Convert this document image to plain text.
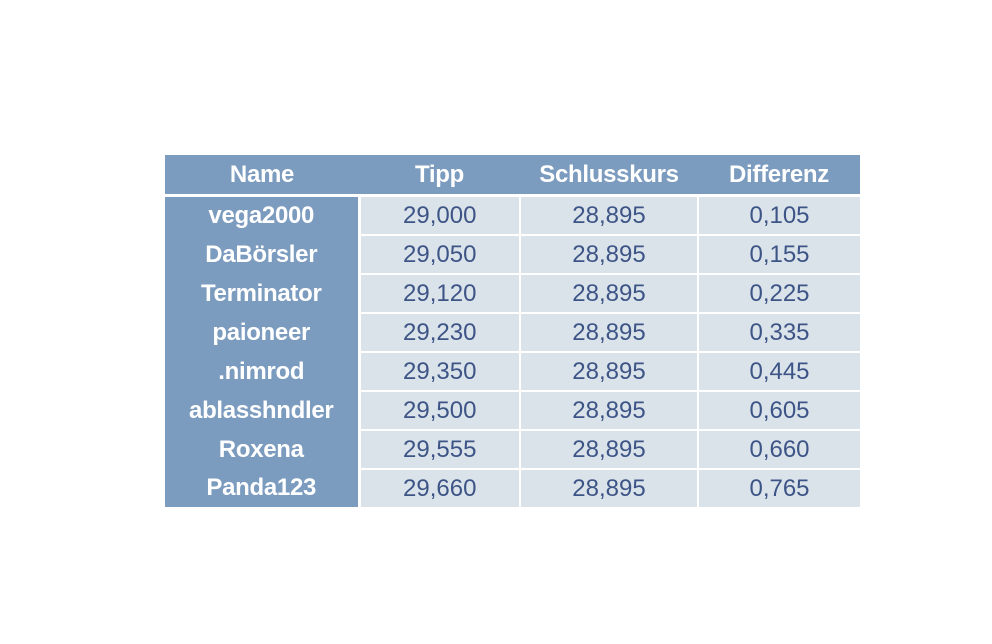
Name	Tipp	Schlusskurs	Differenz
vega2000	29,000	28,895	0,105
DaBörsler	29,050	28,895	0,155
Terminator	29,120	28,895	0,225
paioneer	29,230	28,895	0,335
.nimrod	29,350	28,895	0,445
ablasshndler	29,500	28,895	0,605
Roxena	29,555	28,895	0,660
Panda123	29,660	28,895	0,765
